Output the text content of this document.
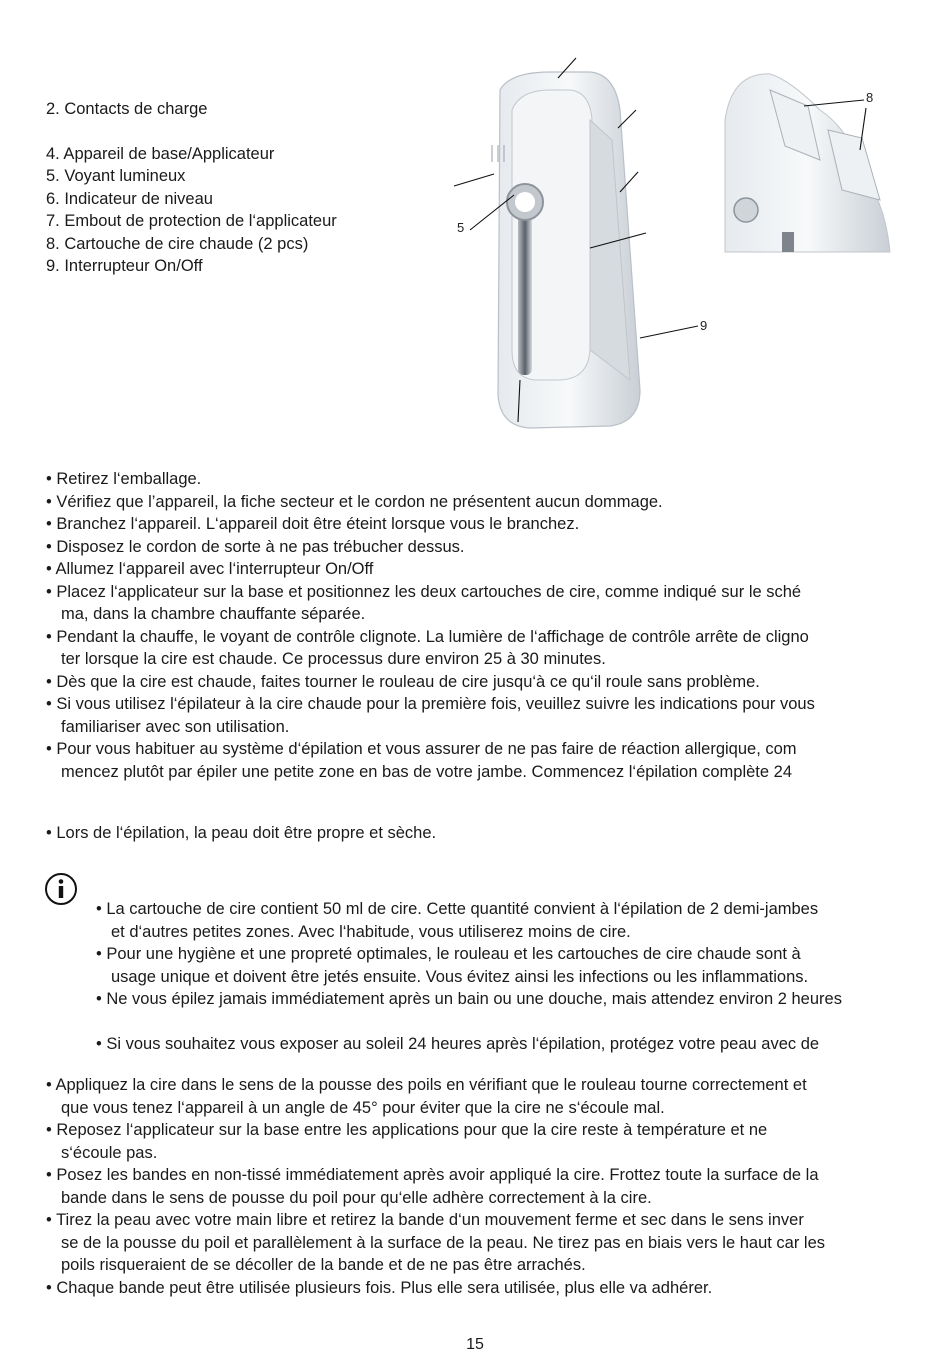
2. Contacts de charge
4. Appareil de base/Applicateur
5. Voyant lumineux
6. Indicateur de niveau
7. Embout de protection de l‘applicateur
8. Cartouche de cire chaude (2 pcs)
9. Interrupteur On/Off
5
8
9
• Retirez l‘emballage.
• Vérifiez que l’appareil, la fiche secteur et le cordon ne présentent aucun dommage.
• Branchez l‘appareil. L‘appareil doit être éteint lorsque vous le branchez.
• Disposez le cordon de sorte à ne pas trébucher dessus.
• Allumez l‘appareil avec l‘interrupteur On/Off
• Placez l‘applicateur sur la base et positionnez les deux cartouches de cire, comme indiqué sur le sché
ma, dans la chambre chauffante séparée.
• Pendant la chauffe, le voyant de contrôle clignote. La lumière de l‘affichage de contrôle arrête de cligno
ter lorsque la cire est chaude. Ce processus dure environ 25 à 30 minutes.
• Dès que la cire est chaude, faites tourner le rouleau de cire jusqu‘à ce qu‘il roule sans problème.
• Si vous utilisez l‘épilateur à la cire chaude pour la première fois, veuillez suivre les indications pour vous
familiariser avec son utilisation.
• Pour vous habituer au système d‘épilation et vous assurer de ne pas faire de réaction allergique, com
mencez plutôt par épiler une petite zone en bas de votre jambe. Commencez l‘épilation complète 24
• Lors de l‘épilation, la peau doit être propre et sèche.
• La cartouche de cire contient 50 ml de cire. Cette quantité convient à l‘épilation de 2 demi-jambes
et d‘autres petites zones. Avec l‘habitude, vous utiliserez moins de cire.
• Pour une hygiène et une propreté optimales, le rouleau et les cartouches de cire chaude sont à
usage unique et doivent être jetés ensuite. Vous évitez ainsi les infections ou les inflammations.
• Ne vous épilez jamais immédiatement après un bain ou une douche, mais attendez environ 2 heures
• Si vous souhaitez vous exposer au soleil 24 heures après l‘épilation, protégez votre peau avec de
• Appliquez la cire dans le sens de la pousse des poils en vérifiant que le rouleau tourne correctement et
que vous tenez l‘appareil à un angle de 45° pour éviter que la cire ne s‘écoule mal.
• Reposez l‘applicateur sur la base entre les applications pour que la cire reste à température et ne
s‘écoule pas.
• Posez les bandes en non-tissé immédiatement après avoir appliqué la cire. Frottez toute la surface de la
bande dans le sens de pousse du poil pour qu‘elle adhère correctement à la cire.
• Tirez la peau avec votre main libre et retirez la bande d‘un mouvement ferme et sec dans le sens inver
se de la pousse du poil et parallèlement à la surface de la peau. Ne tirez pas en biais vers le haut car les
poils risqueraient de se décoller de la bande et de ne pas être arrachés.
• Chaque bande peut être utilisée plusieurs fois. Plus elle sera utilisée, plus elle va adhérer.
15
